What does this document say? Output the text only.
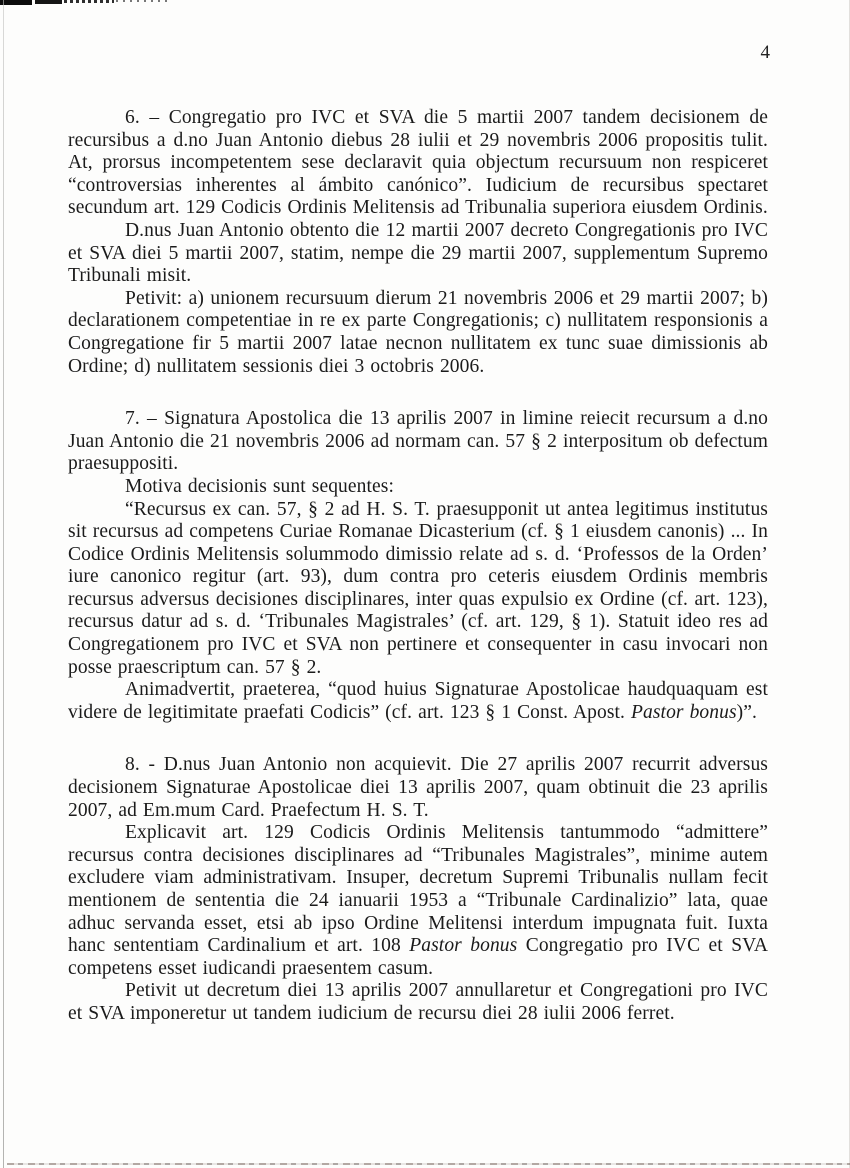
4

6. – Congregatio pro IVC et SVA die 5 martii 2007 tandem decisionem de recursibus a d.no Juan Antonio diebus 28 iulii et 29 novembris 2006 propositis tulit. At, prorsus incompetentem sese declaravit quia objectum recursuum non respiceret “controversias inherentes al ámbito canónico”. Iudicium de recursibus spectaret secundum art. 129 Codicis Ordinis Melitensis ad Tribunalia superiora eiusdem Ordinis.

D.nus Juan Antonio obtento die 12 martii 2007 decreto Congregationis pro IVC et SVA diei 5 martii 2007, statim, nempe die 29 martii 2007, supplementum Supremo Tribunali misit.

Petivit: a) unionem recursuum dierum 21 novembris 2006 et 29 martii 2007; b) declarationem competentiae in re ex parte Congregationis; c) nullitatem responsionis a Congregatione fir 5 martii 2007 latae necnon nullitatem ex tunc suae dimissionis ab Ordine; d) nullitatem sessionis diei 3 octobris 2006.

7. – Signatura Apostolica die 13 aprilis 2007 in limine reiecit recursum a d.no Juan Antonio die 21 novembris 2006 ad normam can. 57 § 2 interpositum ob defectum praesuppositi.

Motiva decisionis sunt sequentes:

“Recursus ex can. 57, § 2 ad H. S. T. praesupponit ut antea legitimus institutus sit recursus ad competens Curiae Romanae Dicasterium (cf. § 1 eiusdem canonis) ... In Codice Ordinis Melitensis solummodo dimissio relate ad s. d. ‘Professos de la Orden’ iure canonico regitur (art. 93), dum contra pro ceteris eiusdem Ordinis membris recursus adversus decisiones disciplinares, inter quas expulsio ex Ordine (cf. art. 123), recursus datur ad s. d. ‘Tribunales Magistrales’ (cf. art. 129, § 1). Statuit ideo res ad Congregationem pro IVC et SVA non pertinere et consequenter in casu invocari non posse praescriptum can. 57 § 2.

Animadvertit, praeterea, “quod huius Signaturae Apostolicae haudquaquam est videre de legitimitate praefati Codicis” (cf. art. 123 § 1 Const. Apost. Pastor bonus)”.

8. - D.nus Juan Antonio non acquievit. Die 27 aprilis 2007 recurrit adversus decisionem Signaturae Apostolicae diei 13 aprilis 2007, quam obtinuit die 23 aprilis 2007, ad Em.mum Card. Praefectum H. S. T.

Explicavit art. 129 Codicis Ordinis Melitensis tantummodo “admittere” recursus contra decisiones disciplinares ad “Tribunales Magistrales”, minime autem excludere viam administrativam. Insuper, decretum Supremi Tribunalis nullam fecit mentionem de sententia die 24 ianuarii 1953 a “Tribunale Cardinalizio” lata, quae adhuc servanda esset, etsi ab ipso Ordine Melitensi interdum impugnata fuit. Iuxta hanc sententiam Cardinalium et art. 108 Pastor bonus Congregatio pro IVC et SVA competens esset iudicandi praesentem casum.

Petivit ut decretum diei 13 aprilis 2007 annullaretur et Congregationi pro IVC et SVA imponeretur ut tandem iudicium de recursu diei 28 iulii 2006 ferret.
